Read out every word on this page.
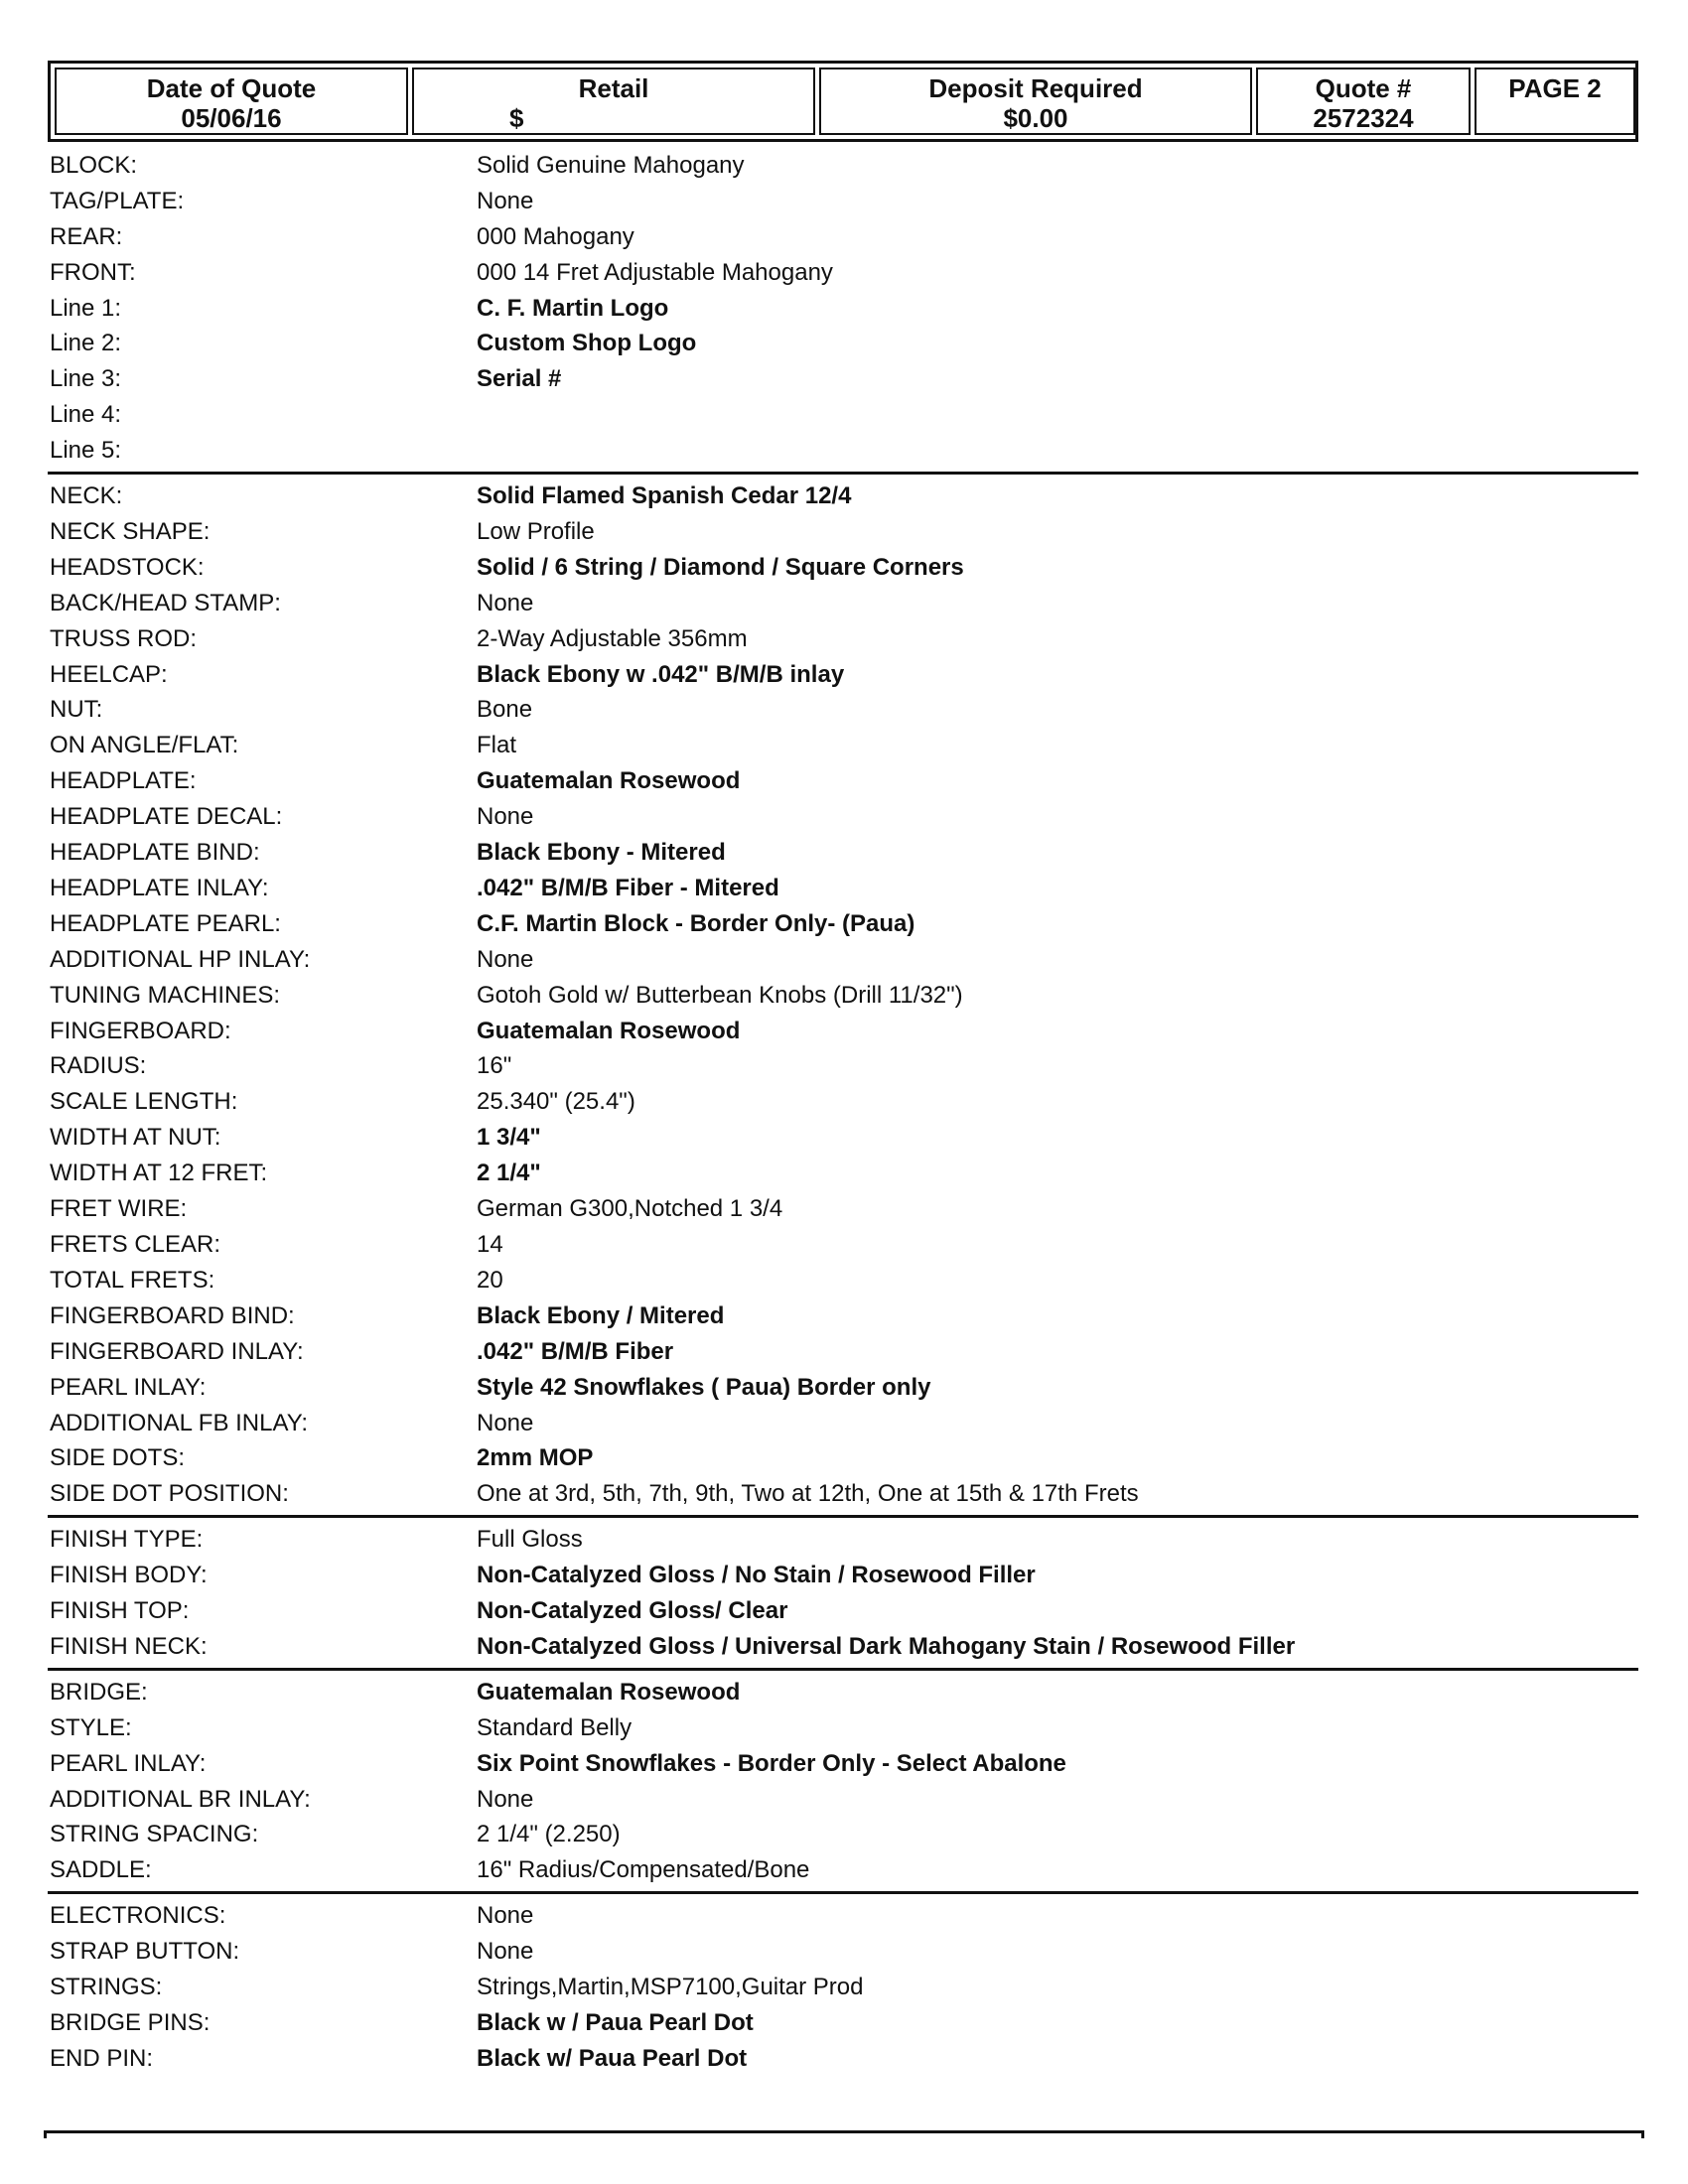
Date of Quote
05/06/16
Retail
$
Deposit Required
$0.00
Quote #
2572324
PAGE 2
BLOCK:	Solid Genuine Mahogany
TAG/PLATE:	None
REAR:	000 Mahogany
FRONT:	000 14 Fret Adjustable Mahogany
Line 1:	C. F. Martin Logo
Line 2:	Custom Shop Logo
Line 3:	Serial #
Line 4:
Line 5:
NECK:	Solid Flamed Spanish Cedar 12/4
NECK SHAPE:	Low Profile
HEADSTOCK:	Solid / 6 String / Diamond / Square Corners
BACK/HEAD STAMP:	None
TRUSS ROD:	2-Way Adjustable 356mm
HEELCAP:	Black Ebony w .042" B/M/B inlay
NUT:	Bone
ON ANGLE/FLAT:	Flat
HEADPLATE:	Guatemalan Rosewood
HEADPLATE DECAL:	None
HEADPLATE BIND:	Black Ebony - Mitered
HEADPLATE INLAY:	.042" B/M/B Fiber - Mitered
HEADPLATE PEARL:	C.F. Martin Block - Border Only- (Paua)
ADDITIONAL HP INLAY:	None
TUNING MACHINES:	Gotoh Gold w/ Butterbean Knobs (Drill 11/32")
FINGERBOARD:	Guatemalan Rosewood
RADIUS:	16"
SCALE LENGTH:	25.340" (25.4")
WIDTH AT NUT:	1 3/4"
WIDTH AT 12 FRET:	2 1/4"
FRET WIRE:	German G300,Notched 1 3/4
FRETS CLEAR:	14
TOTAL FRETS:	20
FINGERBOARD BIND:	Black Ebony / Mitered
FINGERBOARD INLAY:	.042" B/M/B Fiber
PEARL INLAY:	Style 42 Snowflakes ( Paua) Border only
ADDITIONAL FB INLAY:	None
SIDE DOTS:	2mm MOP
SIDE DOT POSITION:	One at 3rd, 5th, 7th, 9th, Two at 12th, One at 15th & 17th Frets
FINISH TYPE:	Full Gloss
FINISH BODY:	Non-Catalyzed Gloss / No Stain / Rosewood Filler
FINISH TOP:	Non-Catalyzed Gloss/ Clear
FINISH NECK:	Non-Catalyzed Gloss / Universal Dark Mahogany Stain / Rosewood Filler
BRIDGE:	Guatemalan Rosewood
STYLE:	Standard Belly
PEARL INLAY:	Six Point Snowflakes - Border Only - Select Abalone
ADDITIONAL BR INLAY:	None
STRING SPACING:	2 1/4" (2.250)
SADDLE:	16" Radius/Compensated/Bone
ELECTRONICS:	None
STRAP BUTTON:	None
STRINGS:	Strings,Martin,MSP7100,Guitar Prod
BRIDGE PINS:	Black w / Paua Pearl Dot
END PIN:	Black w/ Paua Pearl Dot
